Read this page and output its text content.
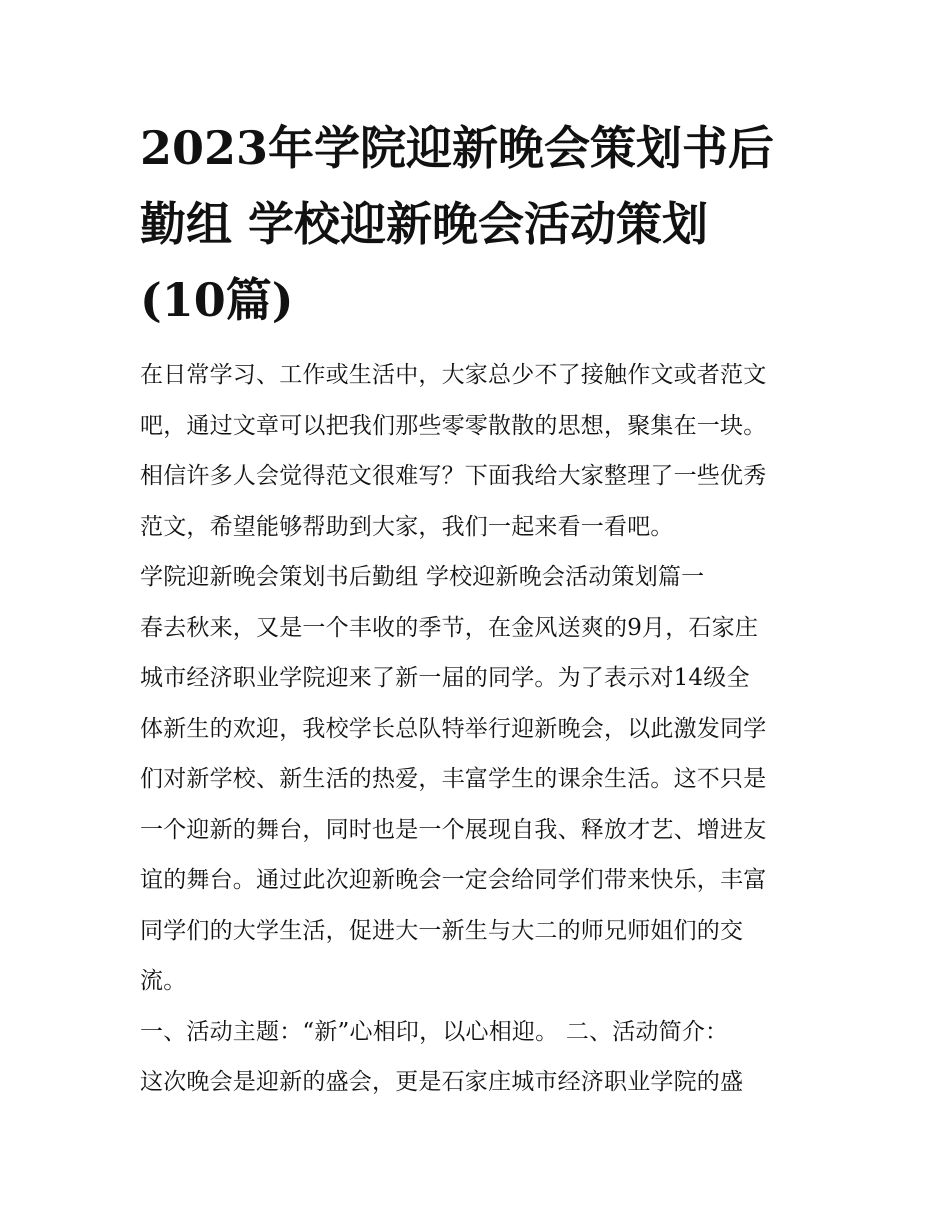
2023年学院迎新晚会策划书后
勤组 学校迎新晚会活动策划
(10篇)

在日常学习、工作或生活中，大家总少不了接触作文或者范文
吧，通过文章可以把我们那些零零散散的思想，聚集在一块。
相信许多人会觉得范文很难写？下面我给大家整理了一些优秀
范文，希望能够帮助到大家，我们一起来看一看吧。

学院迎新晚会策划书后勤组 学校迎新晚会活动策划篇一

春去秋来，又是一个丰收的季节，在金风送爽的9月，石家庄
城市经济职业学院迎来了新一届的同学。为了表示对14级全
体新生的欢迎，我校学长总队特举行迎新晚会，以此激发同学
们对新学校、新生活的热爱，丰富学生的课余生活。这不只是
一个迎新的舞台，同时也是一个展现自我、释放才艺、增进友
谊的舞台。通过此次迎新晚会一定会给同学们带来快乐，丰富
同学们的大学生活，促进大一新生与大二的师兄师姐们的交
流。

一、活动主题：“新”心相印，以心相迎。 二、活动简介：
这次晚会是迎新的盛会，更是石家庄城市经济职业学院的盛
